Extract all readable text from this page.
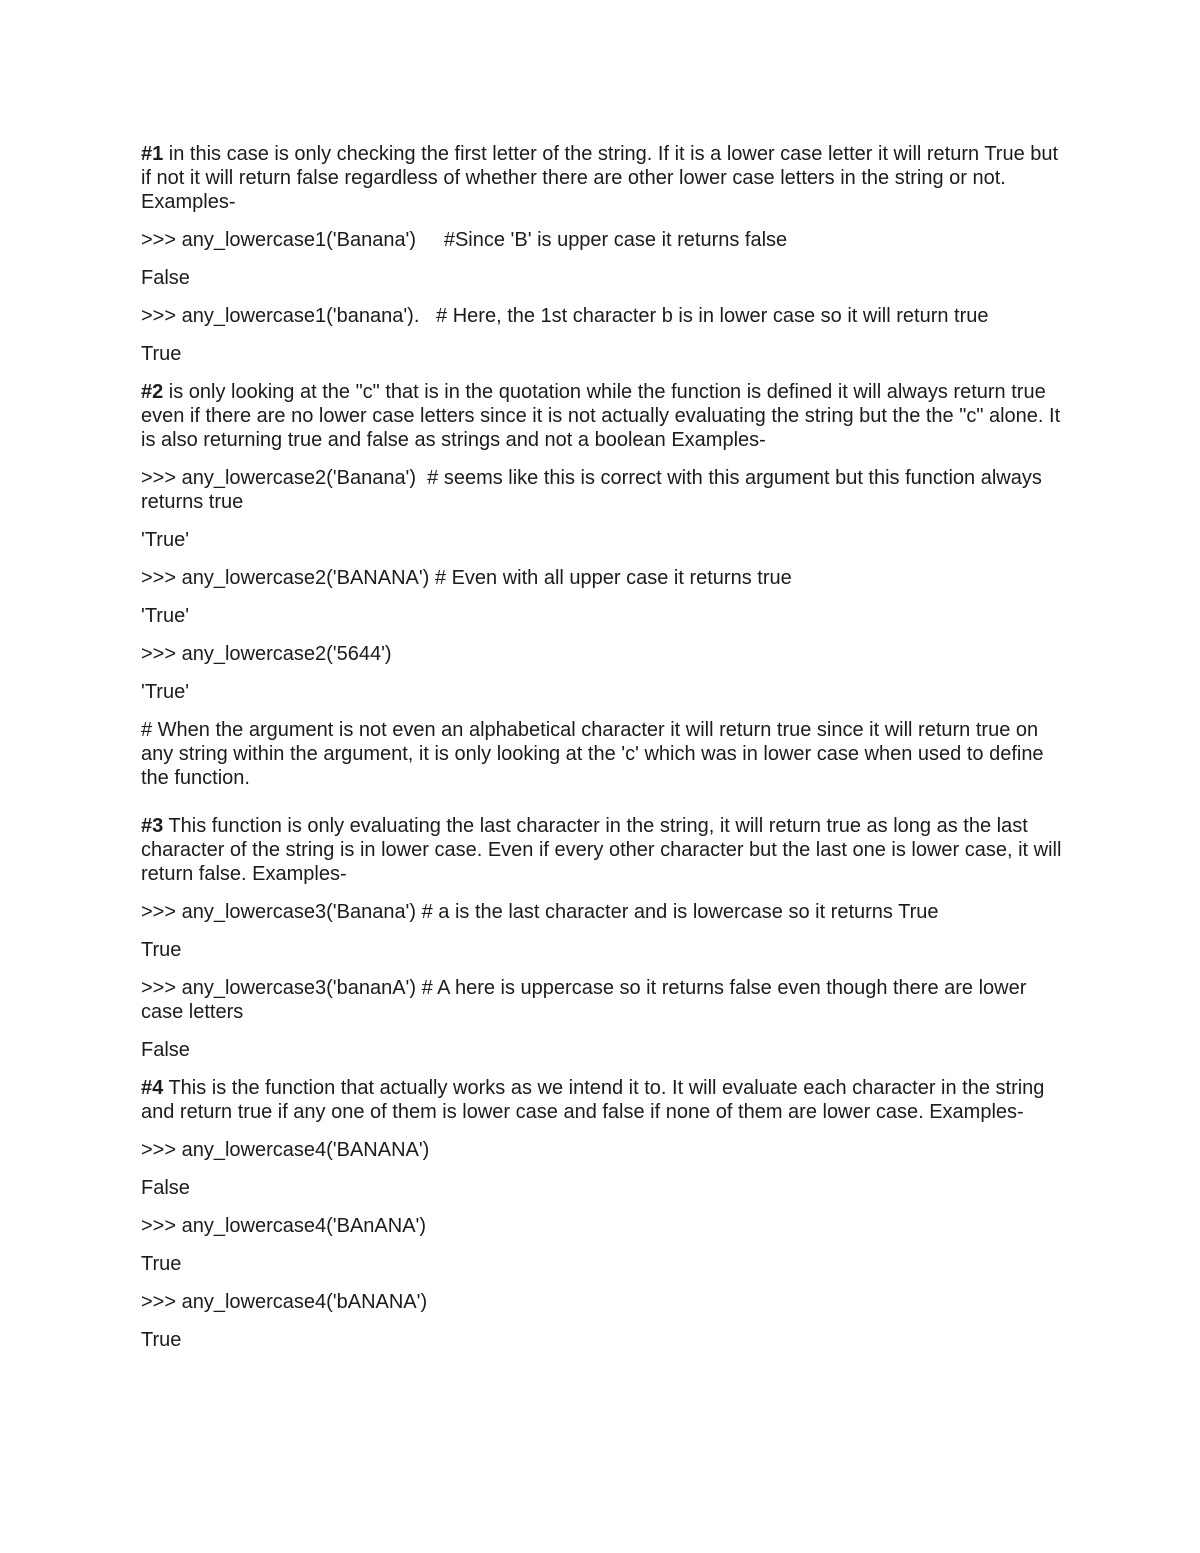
#1 in this case is only checking the first letter of the string. If it is a lower case letter it will return True but if not it will return false regardless of whether there are other lower case letters in the string or not. Examples-

>>> any_lowercase1('Banana')     #Since 'B' is upper case it returns false

False

>>> any_lowercase1('banana').   # Here, the 1st character b is in lower case so it will return true

True

#2 is only looking at the "c" that is in the quotation while the function is defined it will always return true even if there are no lower case letters since it is not actually evaluating the string but the the "c" alone. It is also returning true and false as strings and not a boolean Examples-

>>> any_lowercase2('Banana')  # seems like this is correct with this argument but this function always returns true

'True'

>>> any_lowercase2('BANANA') # Even with all upper case it returns true

'True'

>>> any_lowercase2('5644')

'True'

# When the argument is not even an alphabetical character it will return true since it will return true on any string within the argument, it is only looking at the 'c' which was in lower case when used to define the function.

#3 This function is only evaluating the last character in the string, it will return true as long as the last character of the string is in lower case. Even if every other character but the last one is lower case, it will return false. Examples-

>>> any_lowercase3('Banana') # a is the last character and is lowercase so it returns True

True

>>> any_lowercase3('bananA') # A here is uppercase so it returns false even though there are lower case letters

False

#4 This is the function that actually works as we intend it to. It will evaluate each character in the string and return true if any one of them is lower case and false if none of them are lower case. Examples-

>>> any_lowercase4('BANANA')

False

>>> any_lowercase4('BAnANA')

True

>>> any_lowercase4('bANANA')

True
